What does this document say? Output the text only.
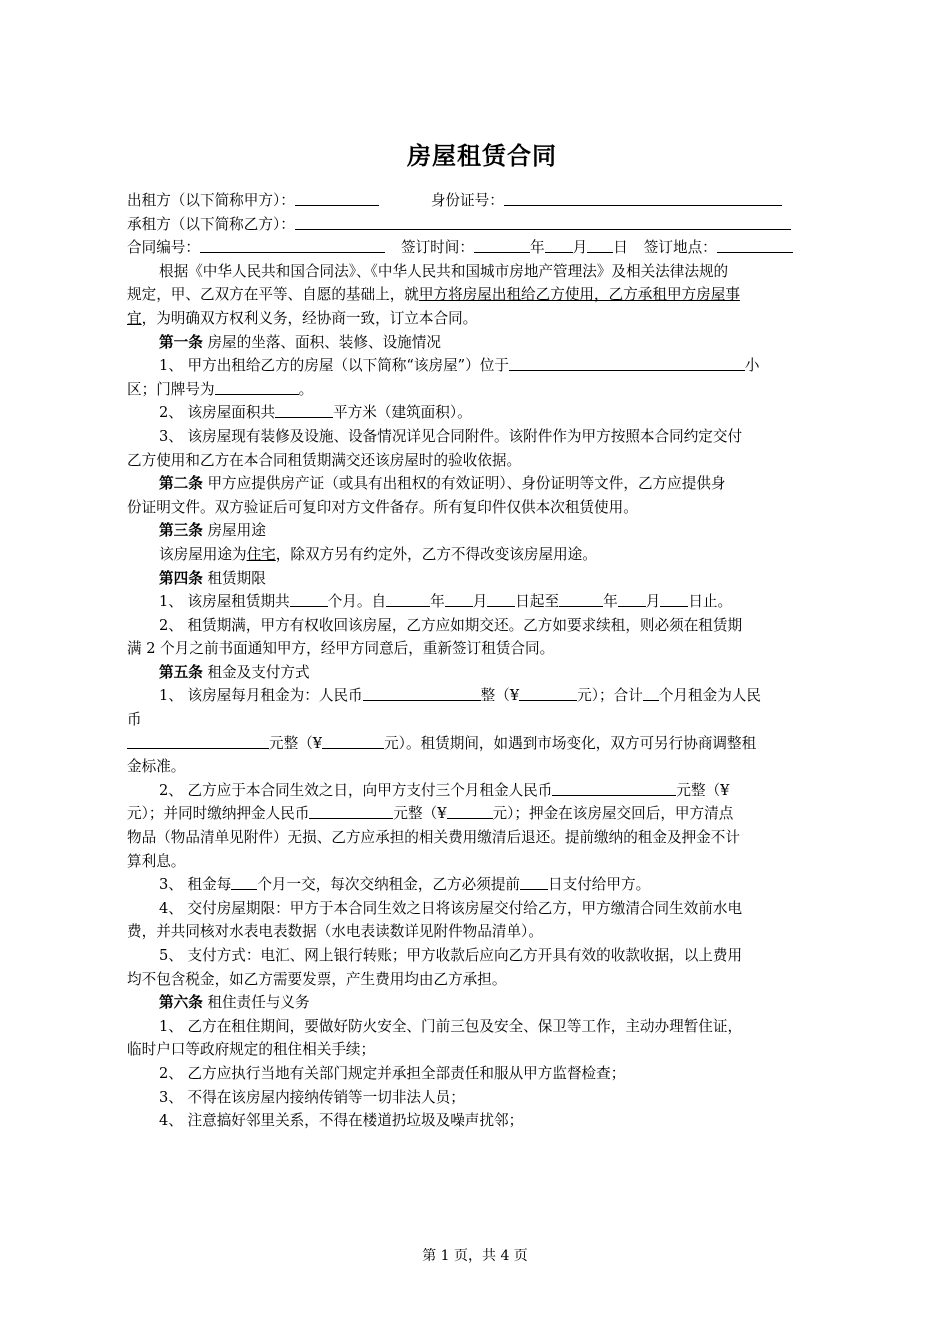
房屋租赁合同
出租方（以下简称甲方）：	身份证号：
承租方（以下简称乙方）：
合同编号：	签订时间：	年 月 日 签订地点：
根据《中华人民共和国合同法》、《中华人民共和国城市房地产管理法》及相关法律法规的
规定，甲、乙双方在平等、自愿的基础上，就甲方将房屋出租给乙方使用，乙方承租甲方房屋事
宜，为明确双方权利义务，经协商一致，订立本合同。
第一条 房屋的坐落、面积、装修、设施情况
1、 甲方出租给乙方的房屋（以下简称“该房屋”）位于	小
区；门牌号为	。
2、 该房屋面积共	平方米（建筑面积）。
3、 该房屋现有装修及设施、设备情况详见合同附件。该附件作为甲方按照本合同约定交付
乙方使用和乙方在本合同租赁期满交还该房屋时的验收依据。
第二条 甲方应提供房产证（或具有出租权的有效证明）、身份证明等文件，乙方应提供身
份证明文件。双方验证后可复印对方文件备存。所有复印件仅供本次租赁使用。
第三条 房屋用途
该房屋用途为住宅，除双方另有约定外，乙方不得改变该房屋用途。
第四条 租赁期限
1、 该房屋租赁期共	个月。自	年 月 日起至	年 月 日止。
2、 租赁期满，甲方有权收回该房屋，乙方应如期交还。乙方如要求续租，则必须在租赁期
满 2 个月之前书面通知甲方，经甲方同意后，重新签订租赁合同。
第五条 租金及支付方式
1、 该房屋每月租金为：人民币	整（¥	元）；合计 个月租金为人民
币
元整（¥	元）。租赁期间，如遇到市场变化，双方可另行协商调整租
金标准。
2、 乙方应于本合同生效之日，向甲方支付三个月租金人民币	元整（¥
元）；并同时缴纳押金人民币	元整（¥	元）；押金在该房屋交回后，甲方清点
物品（物品清单见附件）无损、乙方应承担的相关费用缴清后退还。提前缴纳的租金及押金不计
算利息。
3、 租金每 个月一交，每次交纳租金，乙方必须提前 日支付给甲方。
4、 交付房屋期限：甲方于本合同生效之日将该房屋交付给乙方，甲方缴清合同生效前水电
费，并共同核对水表电表数据（水电表读数详见附件物品清单）。
5、 支付方式：电汇、网上银行转账；甲方收款后应向乙方开具有效的收款收据，以上费用
均不包含税金，如乙方需要发票，产生费用均由乙方承担。
第六条 租住责任与义务
1、 乙方在租住期间，要做好防火安全、门前三包及安全、保卫等工作，主动办理暂住证，
临时户口等政府规定的租住相关手续；
2、 乙方应执行当地有关部门规定并承担全部责任和服从甲方监督检查；
3、 不得在该房屋内接纳传销等一切非法人员；
4、 注意搞好邻里关系，不得在楼道扔垃圾及噪声扰邻；
第 1 页，共 4 页
